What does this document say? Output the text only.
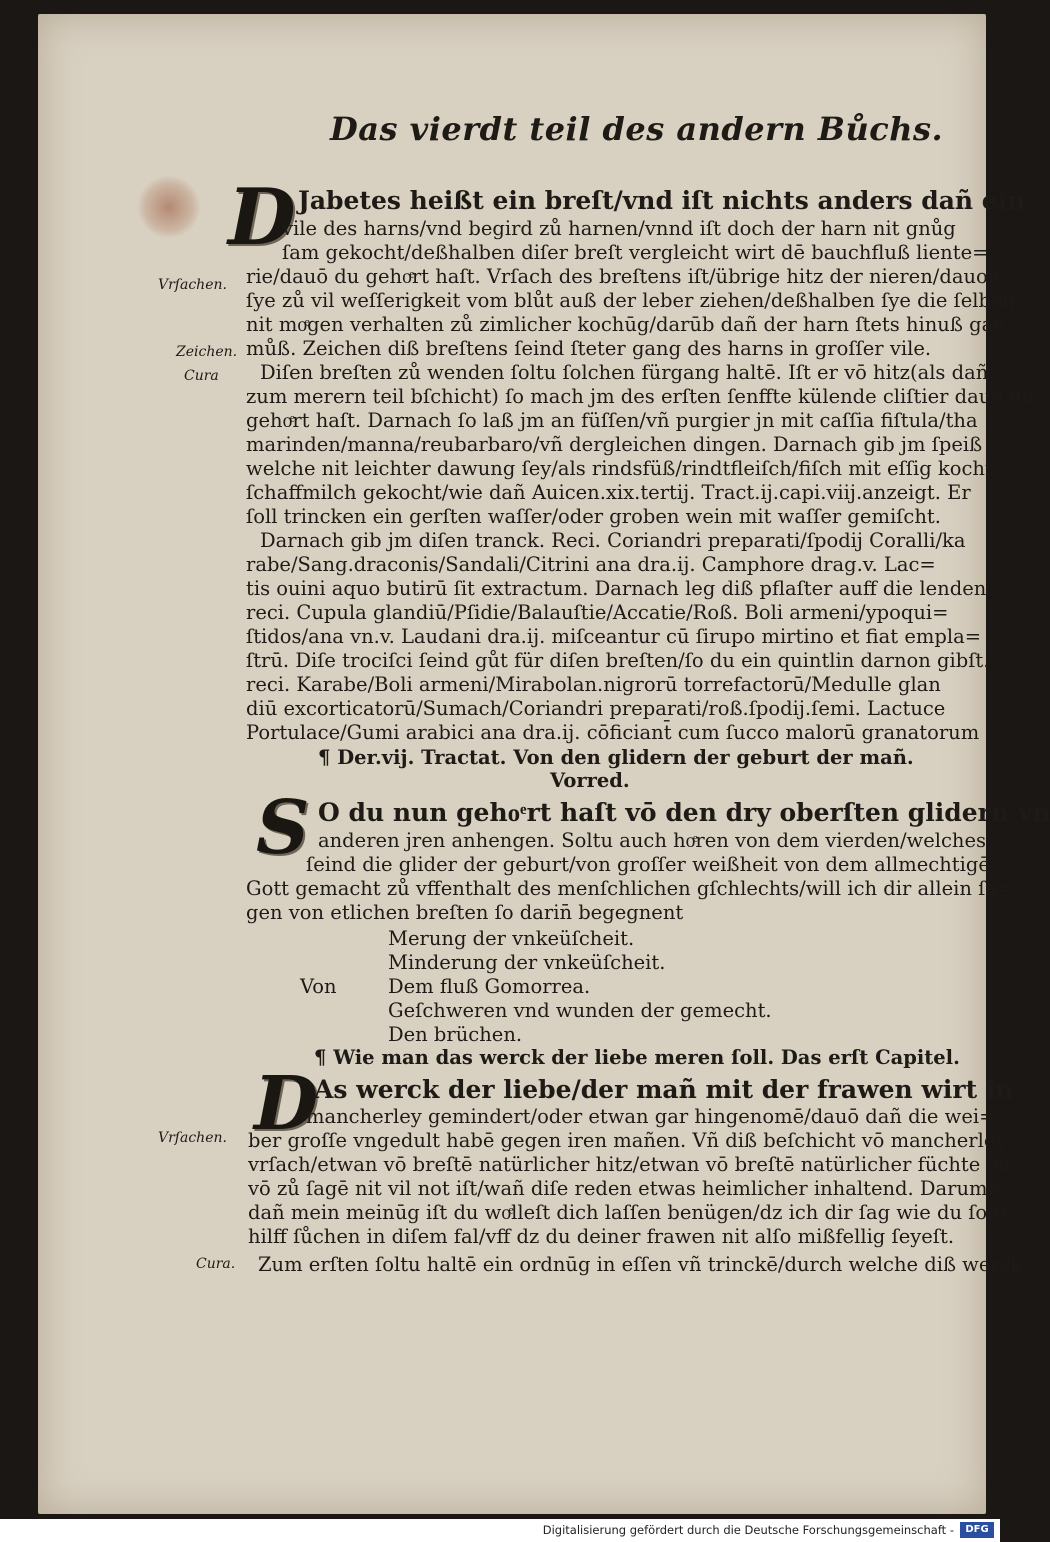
Das vierdt teil des andern Bůchs.
D Jabetes heißt ein breſt/vnd iſt nichts anders dañ ein
vile des harns/vnd begird zů harnen/vnnd iſt doch der harn nit gnůg
ſam gekocht/deßhalben diſer breſt vergleicht wirt dē bauchfluß liente‍=
rie/dauō du gehoͤrt haſt. Vrſach des breſtens iſt/übrige hitz der nieren/dauon
ſye zů vil weſſerigkeit vom blůt auß der leber ziehen/deßhalben ſye die ſelben
nit moͤgen verhalten zů zimlicher kochūg/darūb dañ der harn ſtets hinuß gan
můß. Zeichen diß breſtens ſeind ſteter gang des harns in groſſer vile.
Diſen breſten zů wenden ſoltu ſolchen fürgang haltē. Iſt er vō hitz(als dañ
zum merern teil bſchicht) ſo mach jm des erſten ſenffte külende cliſtier dauō du
gehoͤrt haſt. Darnach ſo laß jm an füſſen/vñ purgier jn mit caſſia fiſtula/tha
marinden/manna/reubarbaro/vñ dergleichen dingen. Darnach gib jm ſpeiß
welche nit leichter dawung ſey/als rindsfüß/rindtfleiſch/fiſch mit eſſig kocht
ſchaffmilch gekocht/wie dañ Auicen.xix.tertij. Tract.ij.capi.viij.anzeigt. Er
ſoll trincken ein gerſten waſſer/oder groben wein mit waſſer gemiſcht.
Darnach gib jm diſen tranck. Reci. Coriandri preparati/ſpodij Coralli/ka
rabe/Sang.draconis/Sandali/Citrini ana dra.ij. Camphore drag.v. Lac=
tis ouini aquo butirū ſit extractum. Darnach leg diß pflaſter auff die lenden.
reci. Cupula glandiū/Pſidie/Balauſtie/Accatie/Roß. Boli armeni/ypoqui=
ſtidos/ana vn.v. Laudani dra.ij. miſceantur cū ſirupo mirtino et fiat empla=
ſtrū. Diſe trociſci ſeind gůt für diſen breſten/ſo du ein quintlin darnon gibſt.
reci. Karabe/Boli armeni/Mirabolan.nigrorū torrefactorū/Medulle glan
diū excorticatorū/Sumach/Coriandri preparati/roß.ſpodij.ſemi. Lactuce
Portulace/Gumi arabici ana dra.ij. cōficiant̄ cum ſucco malorū granatorum
Vrſachen.
Zeichen.
Cura
¶ Der.vij. Tractat. Von den glidern der geburt der mañ.
Vorred.
S O du nun gehoͤrt haſt vō den dry oberſten glidern vñ
anderen jren anhengen. Soltu auch hoͤren von dem vierden/welches
ſeind die glider der geburt/von groſſer weißheit von dem allmechtigē
Gott gemacht zů vffenthalt des menſchlichen gſchlechts/will ich dir allein ſa=
gen von etlichen breſten ſo darin̄ begegnent
Von
Merung der vnkeüſcheit.
Minderung der vnkeüſcheit.
Dem fluß Gomorrea.
Geſchweren vnd wunden der gemecht.
Den brüchen.
¶ Wie man das werck der liebe meren ſoll. Das erſt Capitel.
D
As werck der liebe/der mañ mit der frawen wirt in
mancherley gemindert/oder etwan gar hingenomē/dauō dañ die wei=
ber groſſe vngedult habē gegen iren mañen. Vñ diß beſchicht vō mancherley
vrſach/etwan vō breſtē natürlicher hitz/etwan vō breſtē natürlicher füchte da
vō zů ſagē nit vil not iſt/wañ diſe reden etwas heimlicher inhaltend. Darumb
dañ mein meinūg iſt du woͤlleſt dich laſſen benügen/dz ich dir ſag wie du ſolſt
hilff ſůchen in diſem fal/vff dz du deiner frawen nit alſo mißfellig ſeyeſt.
Zum erſten ſoltu haltē ein ordnūg in eſſen vñ trinckē/durch welche diß werck
Vrſachen.
Cura.
Digitalisierung gefördert durch die Deutsche Forschungsgemeinschaft -	DFG
